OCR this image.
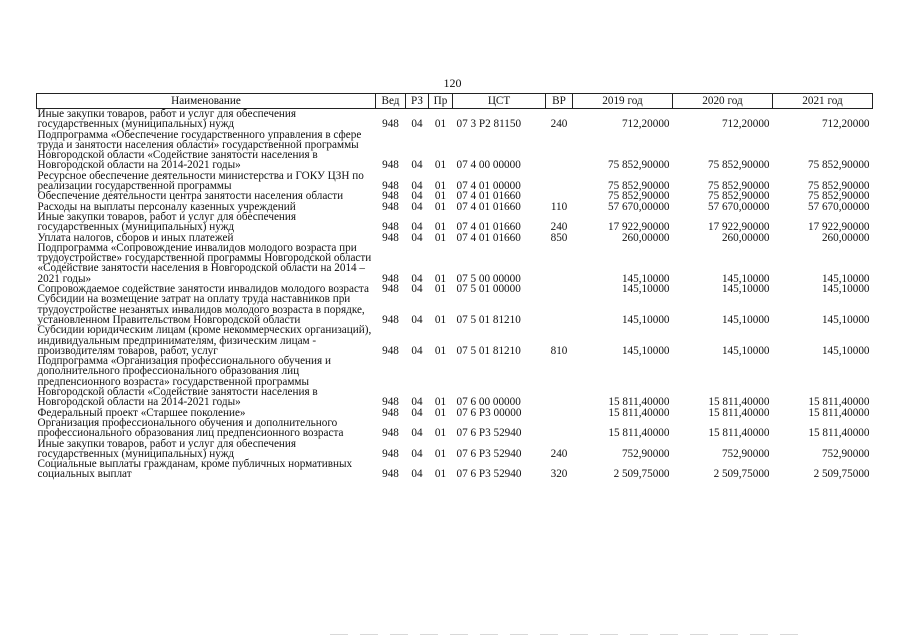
120
Наименование	Вед	РЗ	Пр	ЦСТ	ВР	2019 год	2020 год	2021 год
Иные закупки товаров, работ и услуг для обеспечения государственных (муниципальных) нужд	948	04	01	07 3 P2 81150	240	712,20000	712,20000	712,20000
Подпрограмма «Обеспечение государственного управления в сфере труда и занятости населения области» государственной программы Новгородской области «Содействие занятости населения в Новгородской области на 2014-2021 годы»	948	04	01	07 4 00 00000		75 852,90000	75 852,90000	75 852,90000
Ресурсное обеспечение деятельности министерства и ГОКУ ЦЗН по реализации государственной программы	948	04	01	07 4 01 00000		75 852,90000	75 852,90000	75 852,90000
Обеспечение деятельности центра занятости населения области	948	04	01	07 4 01 01660		75 852,90000	75 852,90000	75 852,90000
Расходы на выплаты персоналу казенных учреждений	948	04	01	07 4 01 01660	110	57 670,00000	57 670,00000	57 670,00000
Иные закупки товаров, работ и услуг для обеспечения государственных (муниципальных) нужд	948	04	01	07 4 01 01660	240	17 922,90000	17 922,90000	17 922,90000
Уплата налогов, сборов и иных платежей	948	04	01	07 4 01 01660	850	260,00000	260,00000	260,00000
Подпрограмма «Сопровождение инвалидов молодого возраста при трудоустройстве» государственной программы Новгородской области «Содействие занятости населения в Новгородской области на 2014 – 2021 годы»	948	04	01	07 5 00 00000		145,10000	145,10000	145,10000
Сопровождаемое содействие занятости инвалидов молодого возраста	948	04	01	07 5 01 00000		145,10000	145,10000	145,10000
Субсидии на возмещение затрат на оплату труда наставников при трудоустройстве незанятых инвалидов молодого возраста в порядке, установленном Правительством Новгородской области	948	04	01	07 5 01 81210		145,10000	145,10000	145,10000
Субсидии юридическим лицам (кроме некоммерческих организаций), индивидуальным предпринимателям, физическим лицам - производителям товаров, работ, услуг	948	04	01	07 5 01 81210	810	145,10000	145,10000	145,10000
Подпрограмма «Организация профессионального обучения и дополнительного профессионального образования лиц предпенсионного возраста» государственной программы Новгородской области «Содействие занятости населения в Новгородской области на 2014-2021 годы»	948	04	01	07 6 00 00000		15 811,40000	15 811,40000	15 811,40000
Федеральный проект «Старшее поколение»	948	04	01	07 6 P3 00000		15 811,40000	15 811,40000	15 811,40000
Организация профессионального обучения и дополнительного профессионального образования лиц предпенсионного возраста	948	04	01	07 6 P3 52940		15 811,40000	15 811,40000	15 811,40000
Иные закупки товаров, работ и услуг для обеспечения государственных (муниципальных) нужд	948	04	01	07 6 P3 52940	240	752,90000	752,90000	752,90000
Социальные выплаты гражданам, кроме публичных нормативных социальных выплат	948	04	01	07 6 P3 52940	320	2 509,75000	2 509,75000	2 509,75000
